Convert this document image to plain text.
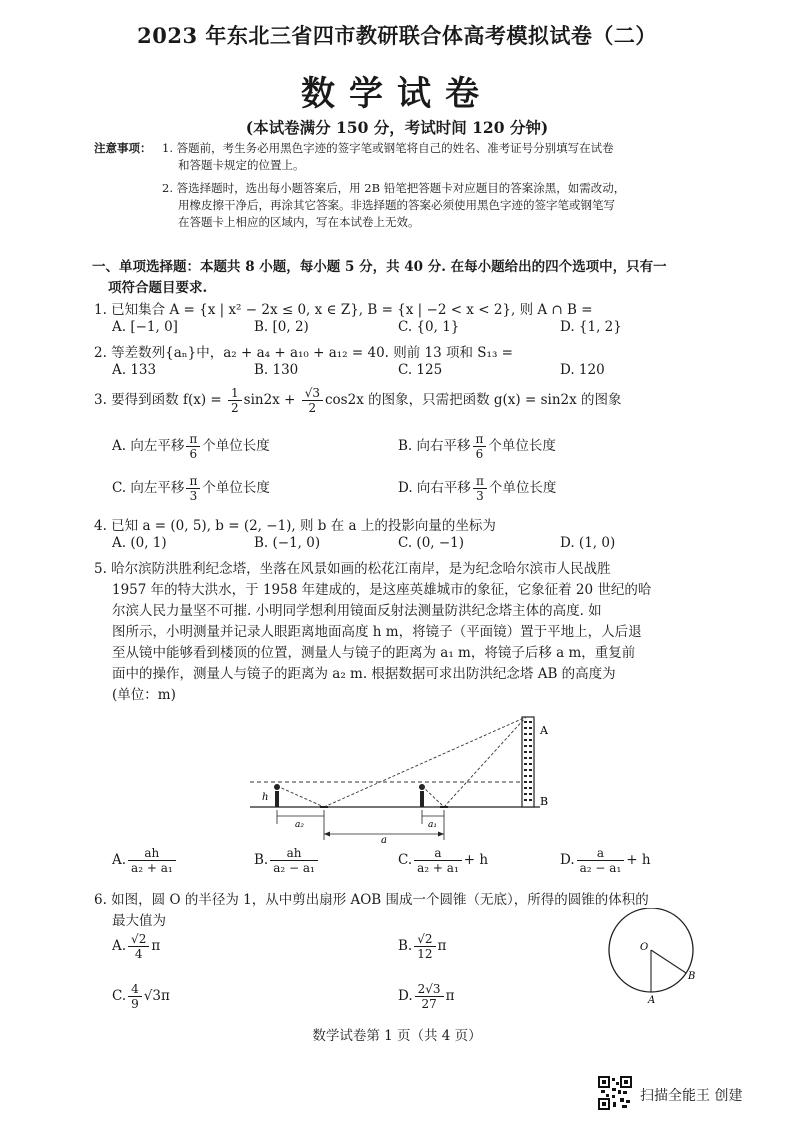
2023 年东北三省四市教研联合体高考模拟试卷（二）
数学试卷
(本试卷满分 150 分，考试时间 120 分钟)
注意事项： 1. 答题前，考生务必用黑色字迹的签字笔或钢笔将自己的姓名、准考证号分别填写在试卷
和答题卡规定的位置上。
2. 答选择题时，选出每小题答案后，用 2B 铅笔把答题卡对应题目的答案涂黑，如需改动，
用橡皮擦干净后，再涂其它答案。非选择题的答案必须使用黑色字迹的签字笔或钢笔写
在答题卡上相应的区域内，写在本试卷上无效。
一、单项选择题：本题共 8 小题，每小题 5 分，共 40 分. 在每小题给出的四个选项中，只有一
项符合题目要求.
1. 已知集合 A = {x | x² − 2x ≤ 0, x ∈ Z}, B = {x | −2 < x < 2}, 则 A ∩ B =
A. [−1, 0]	B. [0, 2)	C. {0, 1}	D. {1, 2}
2. 等差数列{aₙ}中，a₂ + a₄ + a₁₀ + a₁₂ = 40. 则前 13 项和 S₁₃ =
A. 133	B. 130	C. 125	D. 120
3. 要得到函数 $f(x) = \frac{1}{2} \sin 2x + \frac{√3}{2} \cos 2x$ 的图象，只需把函数 g(x) = sin2x 的图象
A. 向左平移 $\frac{\pi}{6}$ 个单位长度	B. 向右平移 $\frac{\pi}{6}$ 个单位长度
C. 向左平移 $\frac{\pi}{3}$ 个单位长度	D. 向右平移 $\frac{\pi}{3}$ 个单位长度
4. 已知 a = (0, 5), b = (2, −1), 则 b 在 a 上的投影向量的坐标为
A. (0, 1)	B. (−1, 0)	C. (0, −1)	D. (1, 0)
5. 哈尔滨防洪胜利纪念塔，坐落在风景如画的松花江南岸，是为纪念哈尔滨市人民战胜
1957 年的特大洪水，于 1958 年建成的，是这座英雄城市的象征，它象征着 20 世纪的哈
尔滨人民力量坚不可摧. 小明同学想利用镜面反射法测量防洪纪念塔主体的高度. 如
图所示，小明测量并记录人眼距离地面高度 h m，将镜子（平面镜）置于平地上，人后退
至从镜中能够看到楼顶的位置，测量人与镜子的距离为 a₁ m，将镜子后移 a m，重复前
面中的操作，测量人与镜子的距离为 a₂ m. 根据数据可求出防洪纪念塔 AB 的高度为
(单位：m)
A
B
h
a₂	a₁
a
A. $\frac{ah}{\text{a₂ + a₁}}$	B. $\frac{ah}{\text{a₂ − a₁}}$	C. $\frac{a}{\text{a₂ + a₁}} + h$	D. $\frac{a}{\text{a₂ − a₁}} + h$
6. 如图，圆 O 的半径为 1，从中剪出扇形 AOB 围成一个圆锥（无底），所得的圆锥的体积的
最大值为
A. $\frac{√2}{4}$ π	B. $\frac{√2}{12}$ π
C. $\frac{4}{9} √3\pi$	D. $\frac{2√3}{27}$ π
O
A
B
数学试卷第 1 页（共 4 页）
扫描全能王 创建
